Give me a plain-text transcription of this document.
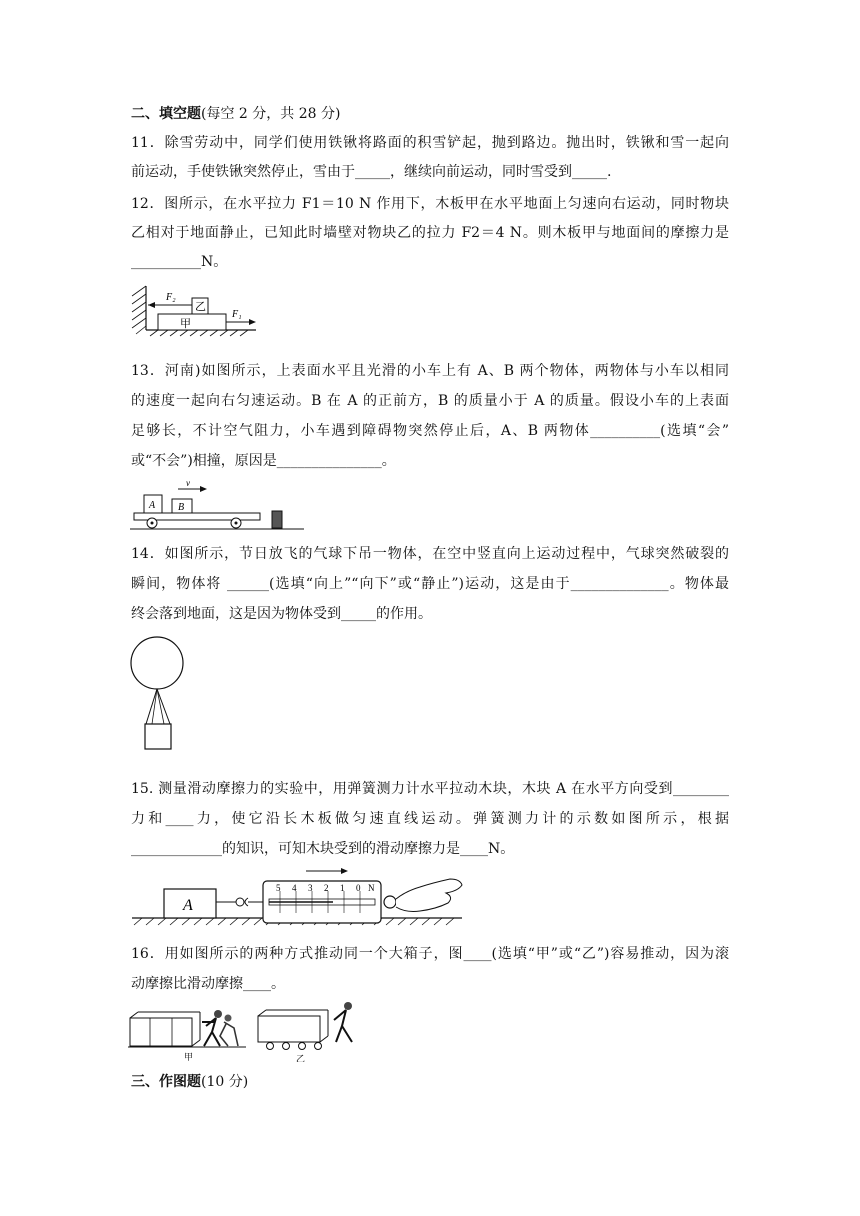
二、填空题(每空 2 分，共 28 分)
11．除雪劳动中，同学们使用铁锹将路面的积雪铲起，抛到路边。抛出时，铁锹和雪一起向
前运动，手使铁锹突然停止，雪由于_____，继续向前运动，同时雪受到_____.
12．图所示，在水平拉力 F1＝10 N 作用下，木板甲在水平地面上匀速向右运动，同时物块
乙相对于地面静止，已知此时墙壁对物块乙的拉力 F2＝4 N。则木板甲与地面间的摩擦力是
__________N。
甲
乙
F₂
F₁
13．河南)如图所示，上表面水平且光滑的小车上有 A、B 两个物体，两物体与小车以相同
的速度一起向右匀速运动。B 在 A 的正前方，B 的质量小于 A 的质量。假设小车的上表面
足够长，不计空气阻力，小车遇到障碍物突然停止后，A、B 两物体__________(选填“会”
或“不会”)相撞，原因是_______________。
v
A B
14．如图所示，节日放飞的气球下吊一物体，在空中竖直向上运动过程中，气球突然破裂的
瞬间，物体将 ______(选填“向上”“向下”或“静止”)运动，这是由于______________。物体最
终会落到地面，这是因为物体受到_____的作用。
15. 测量滑动摩擦力的实验中，用弹簧测力计水平拉动木块，木块 A 在水平方向受到________
力和____力，使它沿长木板做匀速直线运动。弹簧测力计的示数如图所示，根据
_____________的知识，可知木块受到的滑动摩擦力是____N。
A
5 4 3 2 1 0 N
16．用如图所示的两种方式推动同一个大箱子，图____(选填“甲”或“乙”)容易推动，因为滚
动摩擦比滑动摩擦____。
甲	乙
三、作图题(10 分)
